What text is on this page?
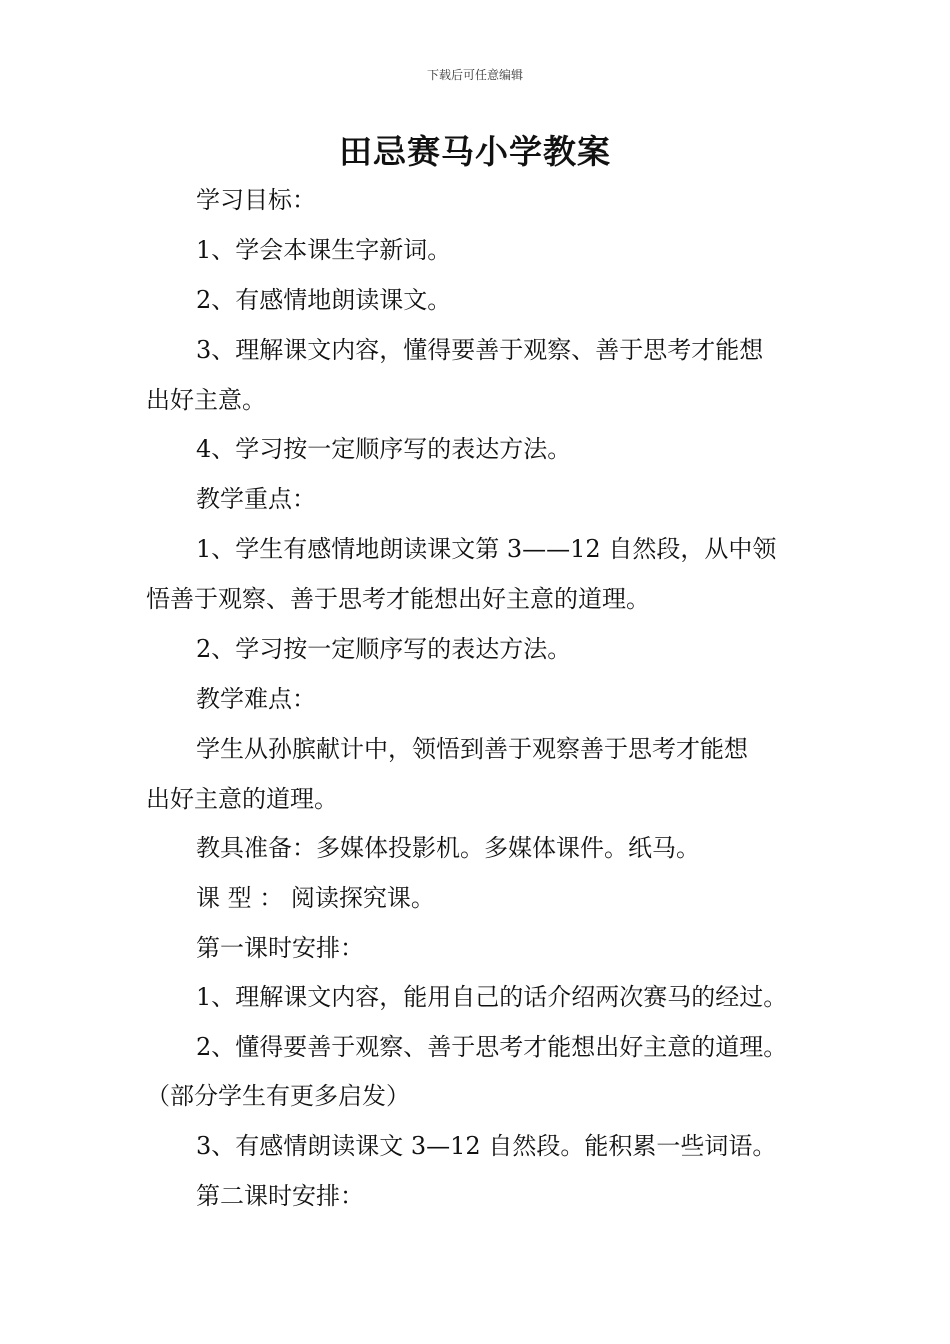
下载后可任意编辑
田忌赛马小学教案
学习目标：
1、学会本课生字新词。
2、有感情地朗读课文。
3、理解课文内容，懂得要善于观察、善于思考才能想
出好主意。
4、学习按一定顺序写的表达方法。
教学重点：
1、学生有感情地朗读课文第 3——12 自然段，从中领
悟善于观察、善于思考才能想出好主意的道理。
2、学习按一定顺序写的表达方法。
教学难点：
学生从孙膑献计中，领悟到善于观察善于思考才能想
出好主意的道理。
教具准备：多媒体投影机。多媒体课件。纸马。
课 型 ： 阅读探究课。
第一课时安排：
1、理解课文内容，能用自己的话介绍两次赛马的经过。
2、懂得要善于观察、善于思考才能想出好主意的道理。
（部分学生有更多启发）
3、有感情朗读课文 3—12 自然段。能积累一些词语。
第二课时安排：
